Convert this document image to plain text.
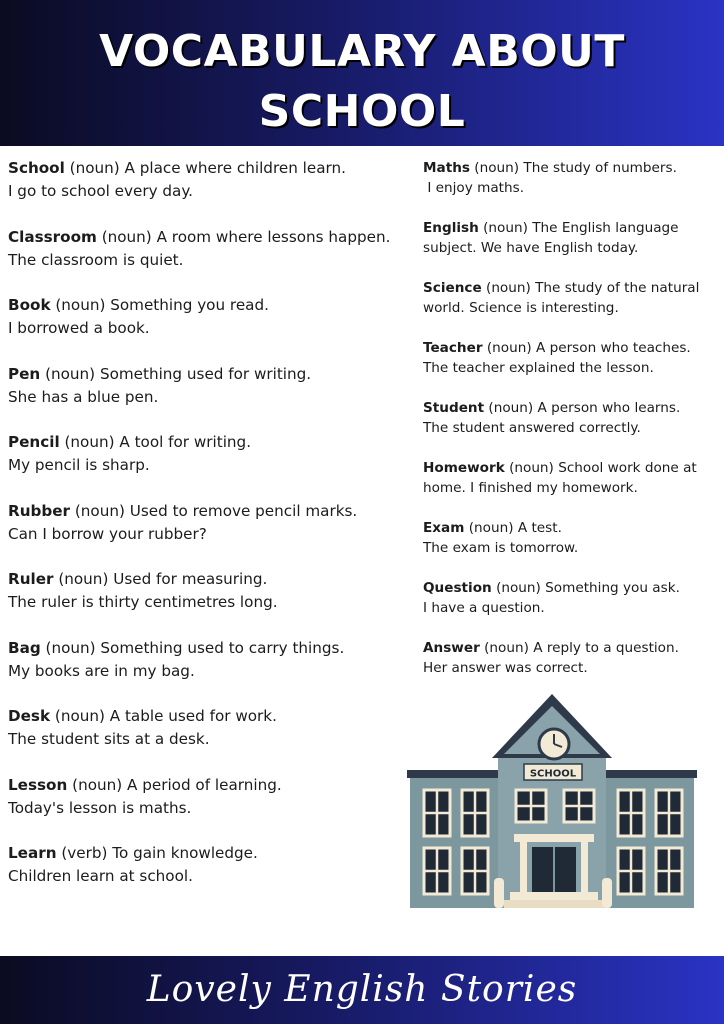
VOCABULARY ABOUT
SCHOOL
School (noun) A place where children learn.
I go to school every day.
Classroom (noun) A room where lessons happen.
The classroom is quiet.
Book (noun) Something you read.
I borrowed a book.
Pen (noun) Something used for writing.
She has a blue pen.
Pencil (noun) A tool for writing.
My pencil is sharp.
Rubber (noun) Used to remove pencil marks.
Can I borrow your rubber?
Ruler (noun) Used for measuring.
The ruler is thirty centimetres long.
Bag (noun) Something used to carry things.
My books are in my bag.
Desk (noun) A table used for work.
The student sits at a desk.
Lesson (noun) A period of learning.
Today's lesson is maths.
Learn (verb) To gain knowledge.
Children learn at school.
Maths (noun) The study of numbers.
I enjoy maths.
English (noun) The English language
subject. We have English today.
Science (noun) The study of the natural
world. Science is interesting.
Teacher (noun) A person who teaches.
The teacher explained the lesson.
Student (noun) A person who learns.
The student answered correctly.
Homework (noun) School work done at
home. I finished my homework.
Exam (noun) A test.
The exam is tomorrow.
Question (noun) Something you ask.
I have a question.
Answer (noun) A reply to a question.
Her answer was correct.
SCHOOL
Lovely English Stories
